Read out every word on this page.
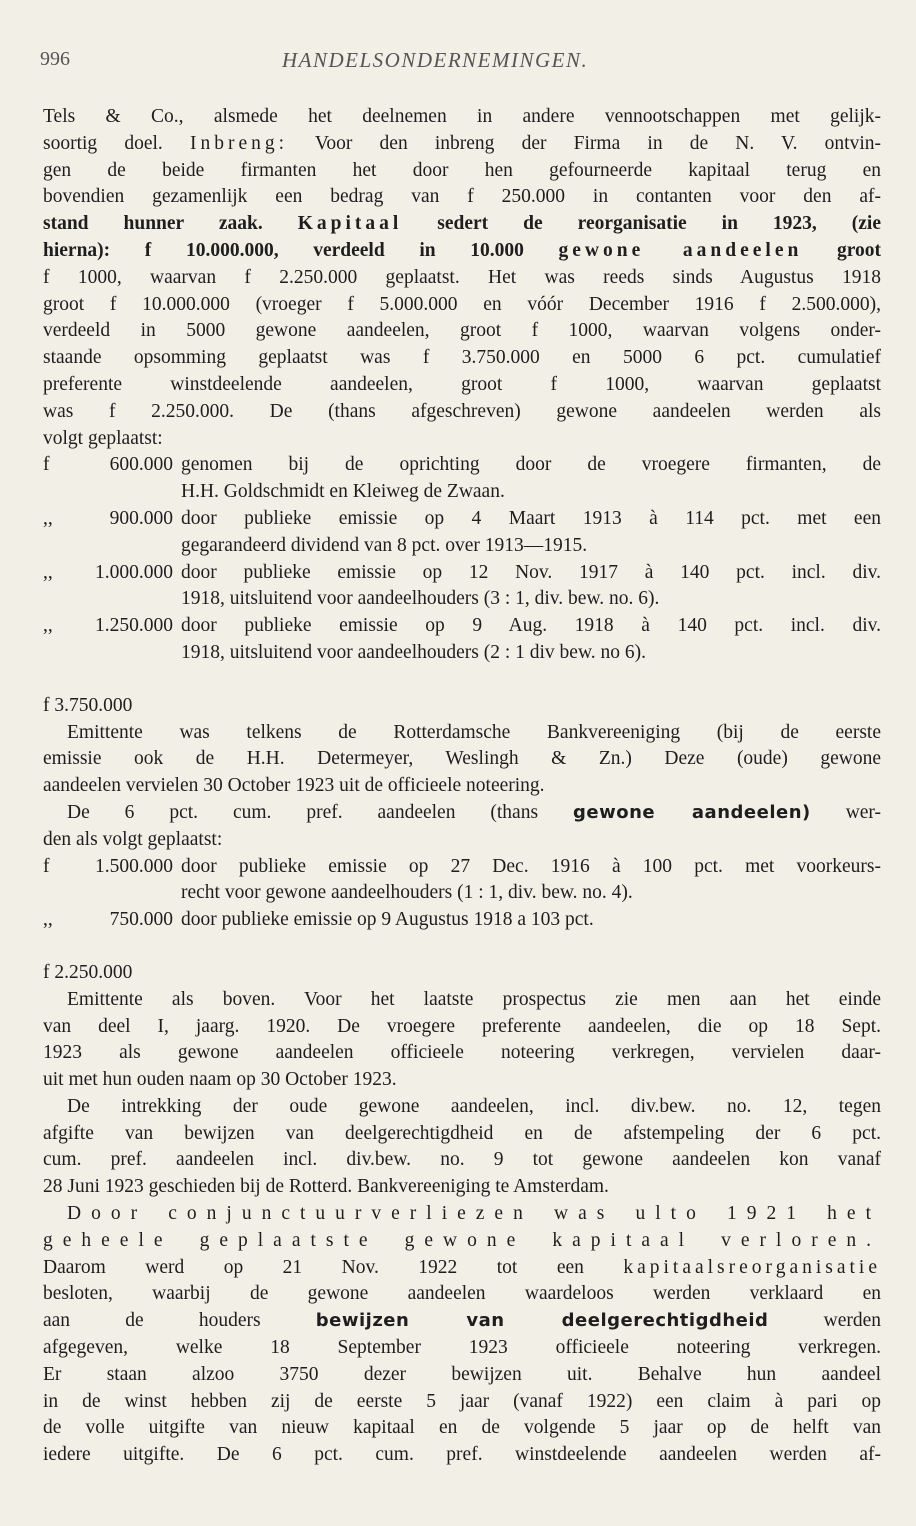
996	HANDELSONDERNEMINGEN.
Tels & Co., alsmede het deelnemen in andere vennootschappen met gelijk-
soortig doel. Inbreng: Voor den inbreng der Firma in de N. V. ontvin-
gen de beide firmanten het door hen gefourneerde kapitaal terug en
bovendien gezamenlijk een bedrag van f 250.000 in contanten voor den af-
stand hunner zaak. Kapitaal sedert de reorganisatie in 1923, (zie
hierna): f 10.000.000, verdeeld in 10.000 gewone aandeelen groot
f 1000, waarvan f 2.250.000 geplaatst. Het was reeds sinds Augustus 1918
groot f 10.000.000 (vroeger f 5.000.000 en vóór December 1916 f 2.500.000),
verdeeld in 5000 gewone aandeelen, groot f 1000, waarvan volgens onder-
staande opsomming geplaatst was f 3.750.000 en 5000 6 pct. cumulatief
preferente winstdeelende aandeelen, groot f 1000, waarvan geplaatst
was f 2.250.000. De (thans afgeschreven) gewone aandeelen werden als
volgt geplaatst:
f	600.000 genomen bij de oprichting door de vroegere firmanten, de
H.H. Goldschmidt en Kleiweg de Zwaan.
,,	900.000 door publieke emissie op 4 Maart 1913 à 114 pct. met een
gegarandeerd dividend van 8 pct. over 1913—1915.
,,	1.000.000 door publieke emissie op 12 Nov. 1917 à 140 pct. incl. div.
1918, uitsluitend voor aandeelhouders (3 : 1, div. bew. no. 6).
,,	1.250.000 door publieke emissie op 9 Aug. 1918 à 140 pct. incl. div.
1918, uitsluitend voor aandeelhouders (2 : 1 div bew. no 6).
f 3.750.000
Emittente was telkens de Rotterdamsche Bankvereeniging (bij de eerste
emissie ook de H.H. Determeyer, Weslingh & Zn.) Deze (oude) gewone
aandeelen vervielen 30 October 1923 uit de officieele noteering.
De 6 pct. cum. pref. aandeelen (thans gewone aandeelen) wer-
den als volgt geplaatst:
f	1.500.000 door publieke emissie op 27 Dec. 1916 à 100 pct. met voorkeurs-
recht voor gewone aandeelhouders (1 : 1, div. bew. no. 4).
,,	750.000 door publieke emissie op 9 Augustus 1918 a 103 pct.
f 2.250.000
Emittente als boven. Voor het laatste prospectus zie men aan het einde
van deel I, jaarg. 1920. De vroegere preferente aandeelen, die op 18 Sept.
1923 als gewone aandeelen officieele noteering verkregen, vervielen daar-
uit met hun ouden naam op 30 October 1923.
De intrekking der oude gewone aandeelen, incl. div.bew. no. 12, tegen
afgifte van bewijzen van deelgerechtigdheid en de afstempeling der 6 pct.
cum. pref. aandeelen incl. div.bew. no. 9 tot gewone aandeelen kon vanaf
28 Juni 1923 geschieden bij de Rotterd. Bankvereeniging te Amsterdam.
Door conjunctuurverliezen was ulto 1921 het
geheele geplaatste gewone kapitaal verloren.
Daarom werd op 21 Nov. 1922 tot een kapitaalsreorganisatie
besloten, waarbij de gewone aandeelen waardeloos werden verklaard en
aan de houders	bewijzen van deelgerechtigdheid	werden
afgegeven, welke 18 September 1923 officieele noteering verkregen.
Er staan alzoo 3750 dezer bewijzen uit. Behalve hun aandeel
in de winst hebben zij de eerste 5 jaar (vanaf 1922) een claim à pari op
de volle uitgifte van nieuw kapitaal en de volgende 5 jaar op de helft van
iedere uitgifte. De 6 pct. cum. pref. winstdeelende aandeelen werden af-
